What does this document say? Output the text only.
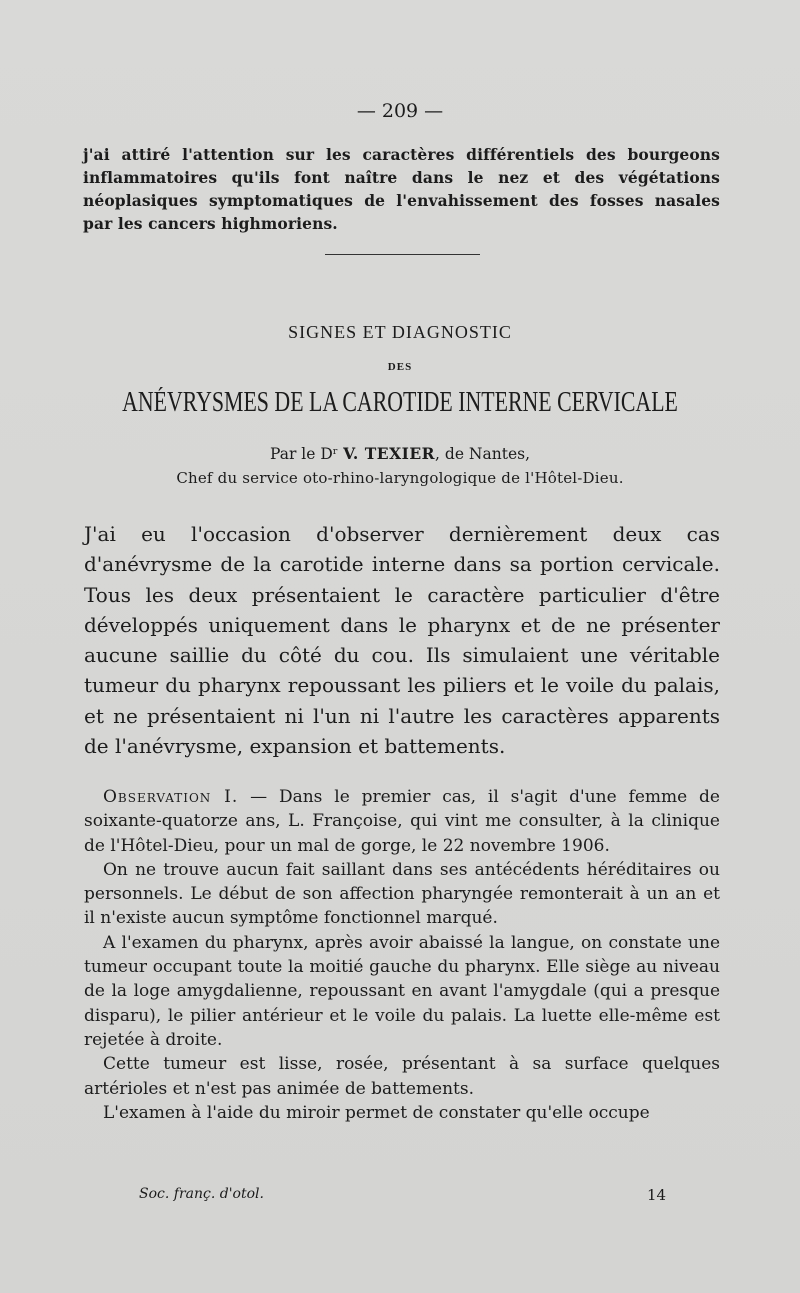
— 209 —
j'ai attiré l'attention sur les caractères différentiels des bourgeons inflammatoires qu'ils font naître dans le nez et des végétations néoplasiques symptomatiques de l'envahissement des fosses nasales par les cancers highmoriens.
SIGNES ET DIAGNOSTIC
DES
ANÉVRYSMES DE LA CAROTIDE INTERNE CERVICALE
Par le Dʳ V. TEXIER, de Nantes,
Chef du service oto-rhino-laryngologique de l'Hôtel-Dieu.
J'ai eu l'occasion d'observer dernièrement deux cas d'anévrysme de la carotide interne dans sa portion cervicale. Tous les deux présentaient le caractère particulier d'être développés uniquement dans le pharynx et de ne présenter aucune saillie du côté du cou. Ils simulaient une véritable tumeur du pharynx repoussant les piliers et le voile du palais, et ne présentaient ni l'un ni l'autre les caractères apparents de l'anévrysme, expansion et battements.

Observation I. — Dans le premier cas, il s'agit d'une femme de soixante-quatorze ans, L. Françoise, qui vint me consulter, à la clinique de l'Hôtel-Dieu, pour un mal de gorge, le 22 novembre 1906.

On ne trouve aucun fait saillant dans ses antécédents héréditaires ou personnels. Le début de son affection pharyngée remonterait à un an et il n'existe aucun symptôme fonctionnel marqué.

A l'examen du pharynx, après avoir abaissé la langue, on constate une tumeur occupant toute la moitié gauche du pharynx. Elle siège au niveau de la loge amygdalienne, repoussant en avant l'amygdale (qui a presque disparu), le pilier antérieur et le voile du palais. La luette elle-même est rejetée à droite.

Cette tumeur est lisse, rosée, présentant à sa surface quelques artérioles et n'est pas animée de battements.

L'examen à l'aide du miroir permet de constater qu'elle occupe

Soc. franç. d'otol.	14
